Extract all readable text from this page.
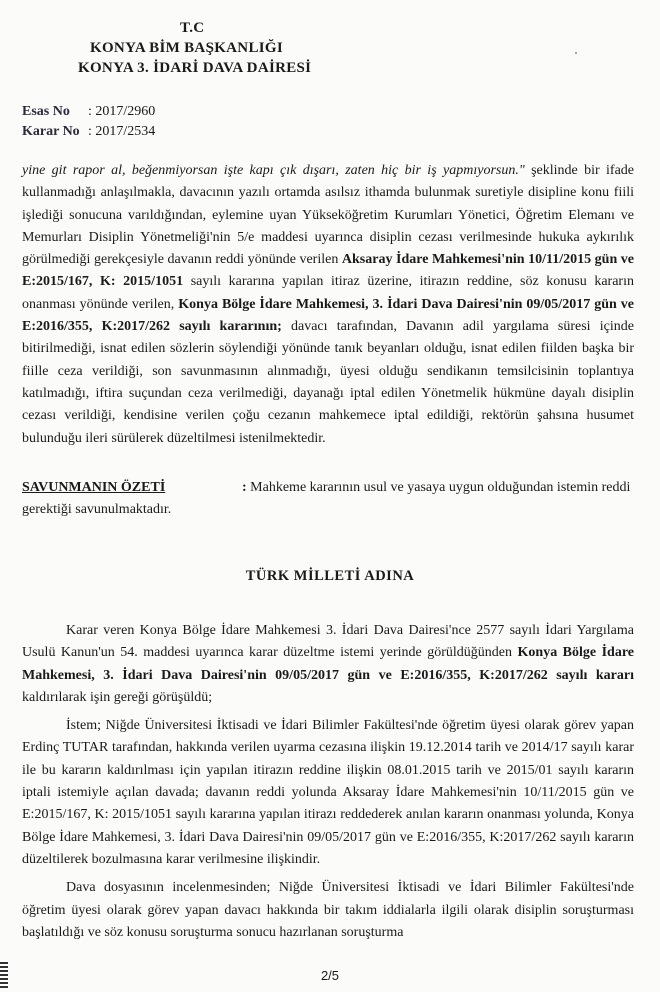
T.C
KONYA BİM BAŞKANLIĞI
KONYA 3. İDARİ DAVA DAİRESİ
Esas No	: 2017/2960
Karar No : 2017/2534

yine git rapor al, beğenmiyorsan işte kapı çık dışarı, zaten hiç bir iş yapmıyorsun." şeklinde bir ifade kullanmadığı anlaşılmakla, davacının yazılı ortamda asılsız ithamda bulunmak suretiyle disipline konu fiili işlediği sonucuna varıldığından, eylemine uyan Yükseköğretim Kurumları Yönetici, Öğretim Elemanı ve Memurları Disiplin Yönetmeliği'nin 5/e maddesi uyarınca disiplin cezası verilmesinde hukuka aykırılık görülmediği gerekçesiyle davanın reddi yönünde verilen Aksaray İdare Mahkemesi'nin 10/11/2015 gün ve E:2015/167, K: 2015/1051 sayılı kararına yapılan itiraz üzerine, itirazın reddine, söz konusu kararın onanması yönünde verilen, Konya Bölge İdare Mahkemesi, 3. İdari Dava Dairesi'nin 09/05/2017 gün ve E:2016/355, K:2017/262 sayılı kararının; davacı tarafından, Davanın adil yargılama süresi içinde bitirilmediği, isnat edilen sözlerin söylendiği yönünde tanık beyanları olduğu, isnat edilen fiilden başka bir fiille ceza verildiği, son savunmasının alınmadığı, üyesi olduğu sendikanın temsilcisinin toplantıya katılmadığı, iftira suçundan ceza verilmediği, dayanağı iptal edilen Yönetmelik hükmüne dayalı disiplin cezası verildiği, kendisine verilen çoğu cezanın mahkemece iptal edildiği, rektörün şahsına husumet bulunduğu ileri sürülerek düzeltilmesi istenilmektedir.

SAVUNMANIN ÖZETİ	: Mahkeme kararının usul ve yasaya uygun olduğundan istemin reddi gerektiği savunulmaktadır.
TÜRK MİLLETİ ADINA

Karar veren Konya Bölge İdare Mahkemesi 3. İdari Dava Dairesi'nce 2577 sayılı İdari Yargılama Usulü Kanun'un 54. maddesi uyarınca karar düzeltme istemi yerinde görüldüğünden Konya Bölge İdare Mahkemesi, 3. İdari Dava Dairesi'nin 09/05/2017 gün ve E:2016/355, K:2017/262 sayılı kararı kaldırılarak işin gereği görüşüldü;

İstem; Niğde Üniversitesi İktisadi ve İdari Bilimler Fakültesi'nde öğretim üyesi olarak görev yapan Erdinç TUTAR tarafından, hakkında verilen uyarma cezasına ilişkin 19.12.2014 tarih ve 2014/17 sayılı karar ile bu kararın kaldırılması için yapılan itirazın reddine ilişkin 08.01.2015 tarih ve 2015/01 sayılı kararın iptali istemiyle açılan davada; davanın reddi yolunda Aksaray İdare Mahkemesi'nin 10/11/2015 gün ve E:2015/167, K: 2015/1051 sayılı kararına yapılan itirazı reddederek anılan kararın onanması yolunda, Konya Bölge İdare Mahkemesi, 3. İdari Dava Dairesi'nin 09/05/2017 gün ve E:2016/355, K:2017/262 sayılı kararın düzeltilerek bozulmasına karar verilmesine ilişkindir.

Dava dosyasının incelenmesinden; Niğde Üniversitesi İktisadi ve İdari Bilimler Fakültesi'nde öğretim üyesi olarak görev yapan davacı hakkında bir takım iddialarla ilgili olarak disiplin soruşturması başlatıldığı ve söz konusu soruşturma sonucu hazırlanan soruşturma

2/5
